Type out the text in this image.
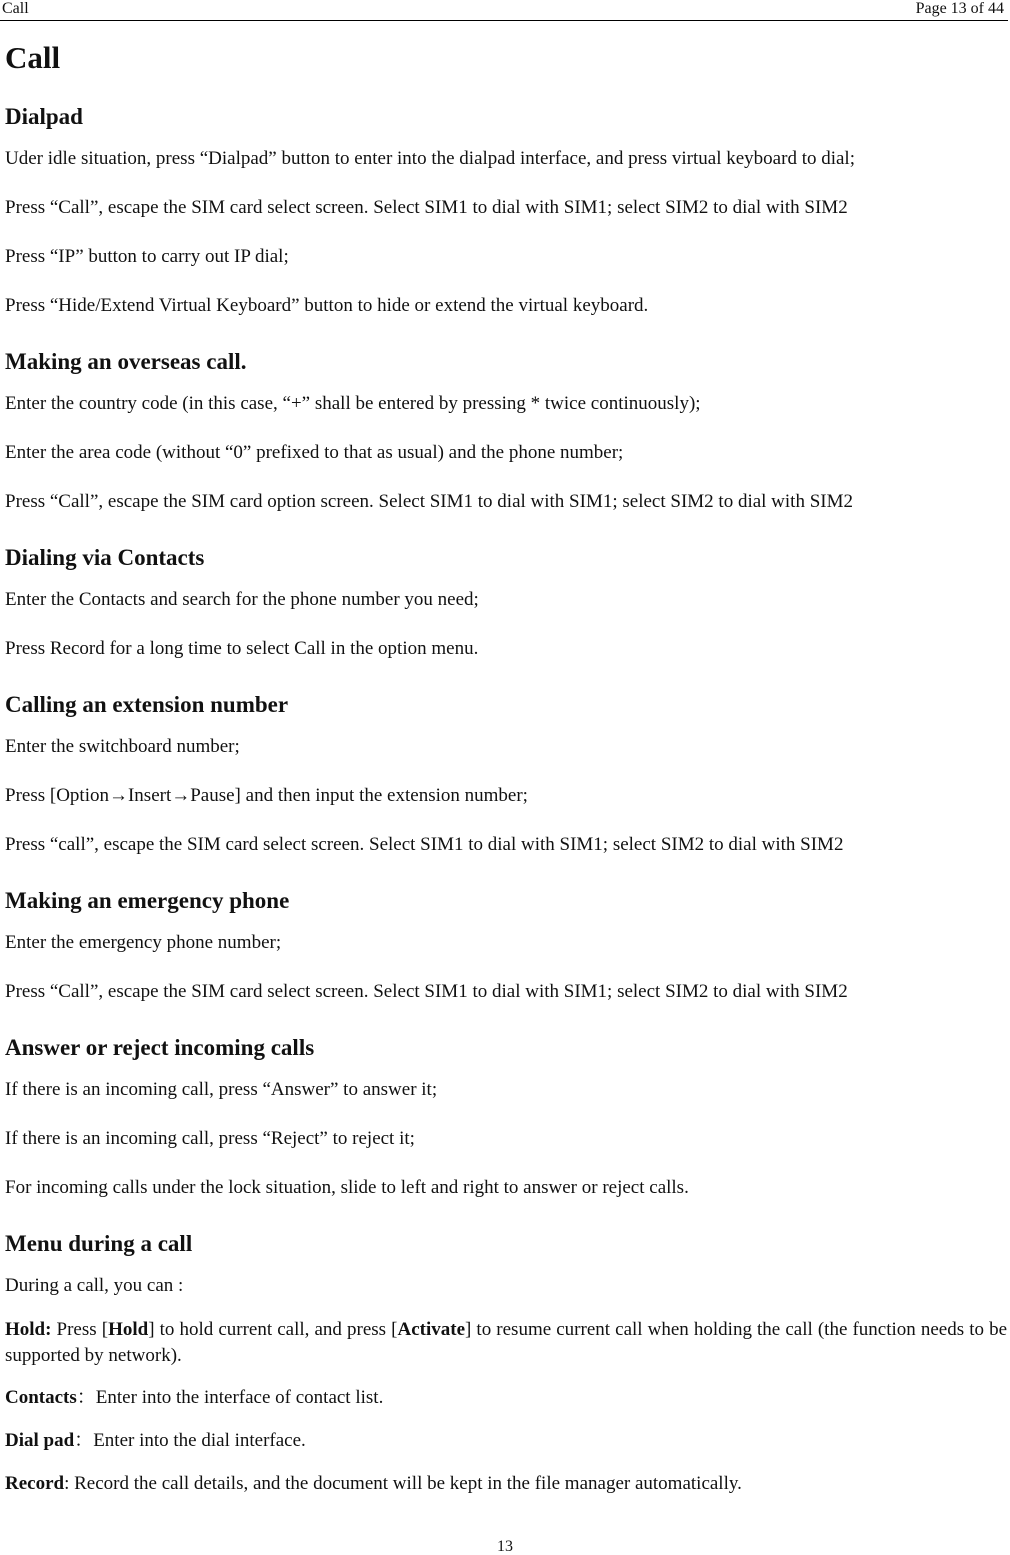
Call	Page 13 of 44
Call
Dialpad

Uder idle situation, press “Dialpad” button to enter into the dialpad interface, and press virtual keyboard to dial;

Press “Call”, escape the SIM card select screen. Select SIM1 to dial with SIM1; select SIM2 to dial with SIM2

Press “IP” button to carry out IP dial;

Press “Hide/Extend Virtual Keyboard” button to hide or extend the virtual keyboard.

Making an overseas call.

Enter the country code (in this case, “+” shall be entered by pressing * twice continuously);

Enter the area code (without “0” prefixed to that as usual) and the phone number;

Press “Call”, escape the SIM card option screen. Select SIM1 to dial with SIM1; select SIM2 to dial with SIM2

Dialing via Contacts

Enter the Contacts and search for the phone number you need;

Press Record for a long time to select Call in the option menu.

Calling an extension number

Enter the switchboard number;

Press [Option→Insert→Pause] and then input the extension number;

Press “call”, escape the SIM card select screen. Select SIM1 to dial with SIM1; select SIM2 to dial with SIM2

Making an emergency phone

Enter the emergency phone number;

Press “Call”, escape the SIM card select screen. Select SIM1 to dial with SIM1; select SIM2 to dial with SIM2

Answer or reject incoming calls

If there is an incoming call, press “Answer” to answer it;

If there is an incoming call, press “Reject” to reject it;

For incoming calls under the lock situation, slide to left and right to answer or reject calls.

Menu during a call

During a call, you can :

Hold: Press [Hold] to hold current call, and press [Activate] to resume current call when holding the call (the function needs to be supported by network).

Contacts：Enter into the interface of contact list.

Dial pad：Enter into the dial interface.

Record: Record the call details, and the document will be kept in the file manager automatically.

13
